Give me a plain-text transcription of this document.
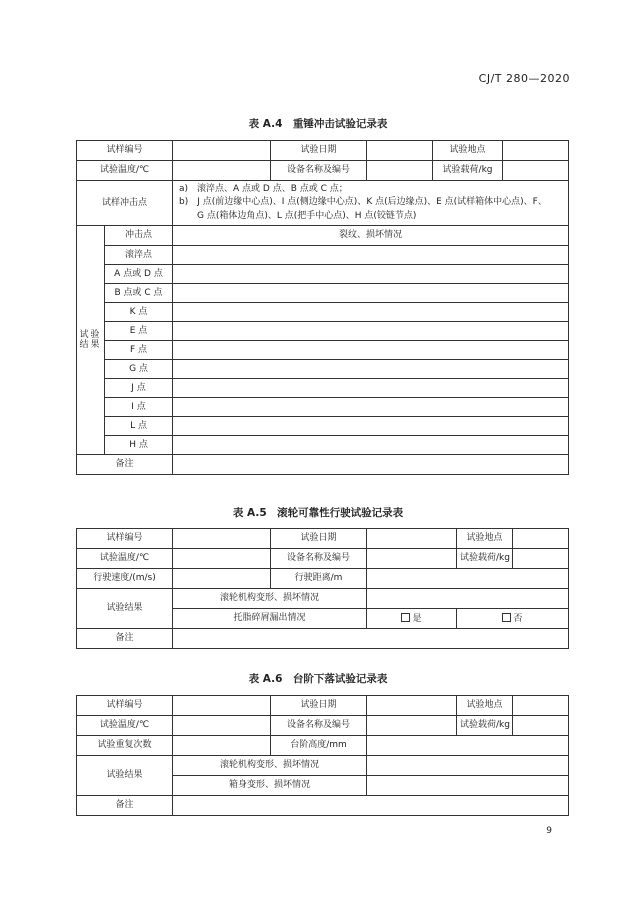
CJ/T 280—2020
表 A.4　重锤冲击试验记录表
试样编号			试验日期		试验地点	
试验温度/℃			设备名称及编号		试验载荷/kg	
试样冲击点		a)　滚淬点、A 点或 D 点、B 点或 C 点；
b)　J 点(前边缘中心点)、I 点(侧边缘中心点)、K 点(后边缘点)、E 点(试样箱体中心点)、F、
　　G 点(箱体边角点)、L 点(把手中心点)、H 点(铰链节点)				

试验结果	冲击点	裂纹、损坏情况				
	滚淬点					
	A 点或 D 点					
	B 点或 C 点					
	K 点					
	E 点					
	F 点					
	G 点					
	J 点					
	I 点					
	L 点					
	H 点					
备注						
表 A.5　滚轮可靠性行驶试验记录表
试样编号		试验日期		试验地点	
试验温度/℃		设备名称及编号		试验载荷/kg	
行驶速度/(m/s)		行驶距离/m			
试验结果	滚轮机构变形、损坏情况				
	托脂碎屑漏出情况		是	否	
备注					
表 A.6　台阶下落试验记录表
试样编号		试验日期		试验地点	
试验温度/℃		设备名称及编号		试验载荷/kg	
试验重复次数		台阶高度/mm			
试验结果	滚轮机构变形、损坏情况				
	箱身变形、损坏情况				
备注					
9
